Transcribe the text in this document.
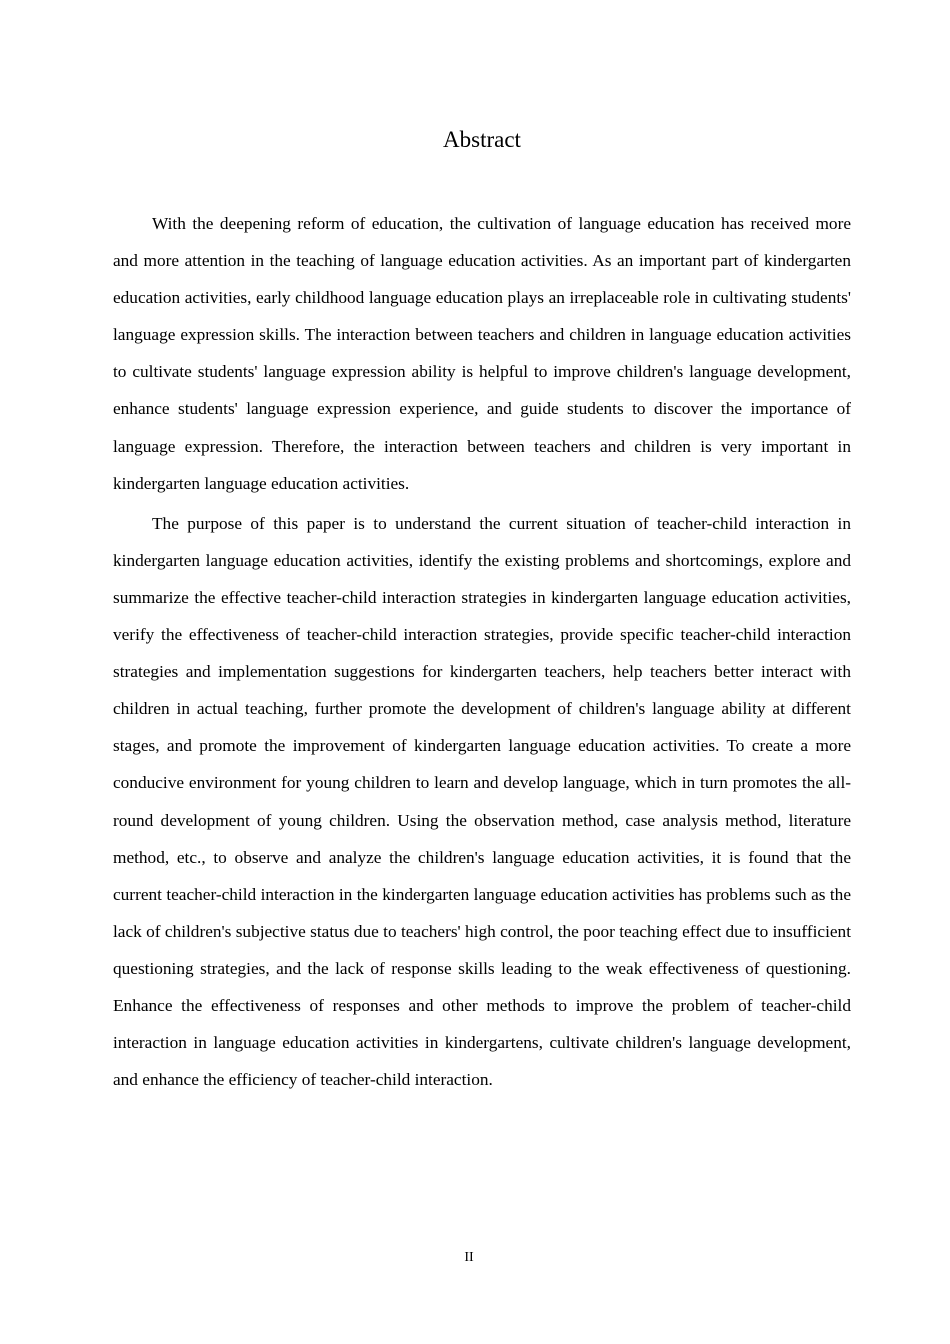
Abstract

With the deepening reform of education, the cultivation of language education has received more and more attention in the teaching of language education activities. As an important part of kindergarten education activities, early childhood language education plays an irreplaceable role in cultivating students' language expression skills. The interaction between teachers and children in language education activities to cultivate students' language expression ability is helpful to improve children's language development, enhance students' language expression experience, and guide students to discover the importance of language expression. Therefore, the interaction between teachers and children is very important in kindergarten language education activities.

The purpose of this paper is to understand the current situation of teacher-child interaction in kindergarten language education activities, identify the existing problems and shortcomings, explore and summarize the effective teacher-child interaction strategies in kindergarten language education activities, verify the effectiveness of teacher-child interaction strategies, provide specific teacher-child interaction strategies and implementation suggestions for kindergarten teachers, help teachers better interact with children in actual teaching, further promote the development of children's language ability at different stages, and promote the improvement of kindergarten language education activities. To create a more conducive environment for young children to learn and develop language, which in turn promotes the all-round development of young children. Using the observation method, case analysis method, literature method, etc., to observe and analyze the children's language education activities, it is found that the current teacher-child interaction in the kindergarten language education activities has problems such as the lack of children's subjective status due to teachers' high control, the poor teaching effect due to insufficient questioning strategies, and the lack of response skills leading to the weak effectiveness of questioning. Enhance the effectiveness of responses and other methods to improve the problem of teacher-child interaction in language education activities in kindergartens, cultivate children's language development, and enhance the efficiency of teacher-child interaction.

II
